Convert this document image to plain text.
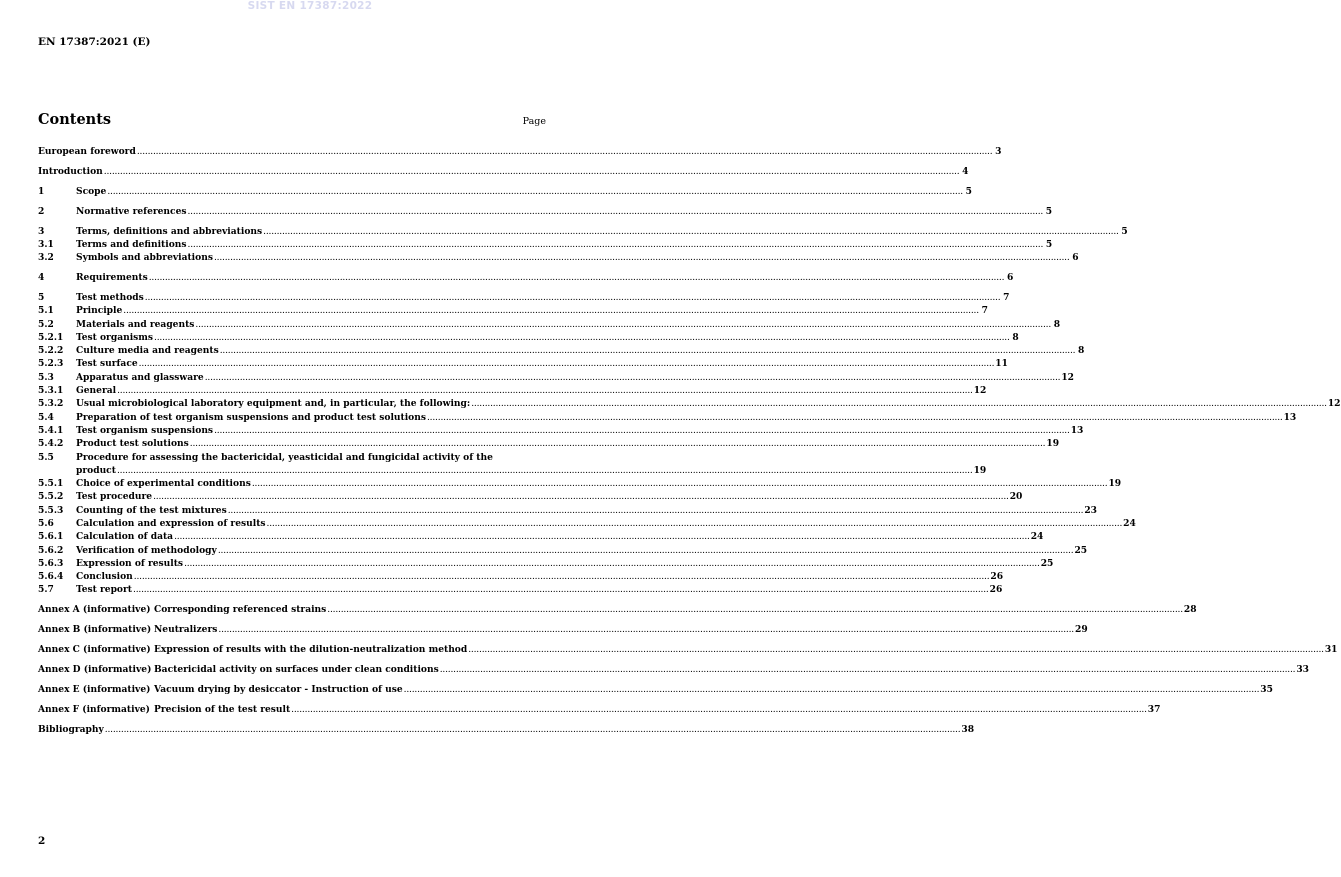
SIST EN 17387:2022
EN 17387:2021 (E)
Contents	Page
European foreword .....	3
Introduction .....	4
1	Scope .....	5
2	Normative references .....	5
3	Terms, definitions and abbreviations .....	5
3.1	Terms and definitions .....	5
3.2	Symbols and abbreviations .....	6
4	Requirements .....	6
5	Test methods .....	7
5.1	Principle .....	7
5.2	Materials and reagents .....	8
5.2.1	Test organisms .....	8
5.2.2	Culture media and reagents .....	8
5.2.3	Test surface .....	11
5.3	Apparatus and glassware .....	12
5.3.1	General .....	12
5.3.2	Usual microbiological laboratory equipment and, in particular, the following: .....	12
5.4	Preparation of test organism suspensions and product test solutions .....	13
5.4.1	Test organism suspensions .....	13
5.4.2	Product test solutions .....	19
5.5	Procedure for assessing the bactericidal, yeasticidal and fungicidal activity of the
product .....	19
5.5.1	Choice of experimental conditions .....	19
5.5.2	Test procedure .....	20
5.5.3	Counting of the test mixtures .....	23
5.6	Calculation and expression of results .....	24
5.6.1	Calculation of data .....	24
5.6.2	Verification of methodology .....	25
5.6.3	Expression of results .....	25
5.6.4	Conclusion .....	26
5.7	Test report .....	26
Annex A (informative) Corresponding referenced strains .....	28
Annex B (informative) Neutralizers .....	29
Annex C (informative) Expression of results with the dilution-neutralization method .....	31
Annex D (informative) Bactericidal activity on surfaces under clean conditions .....	33
Annex E (informative) Vacuum drying by desiccator - Instruction of use .....	35
Annex F (informative) Precision of the test result .....	37
Bibliography .....	38
2
